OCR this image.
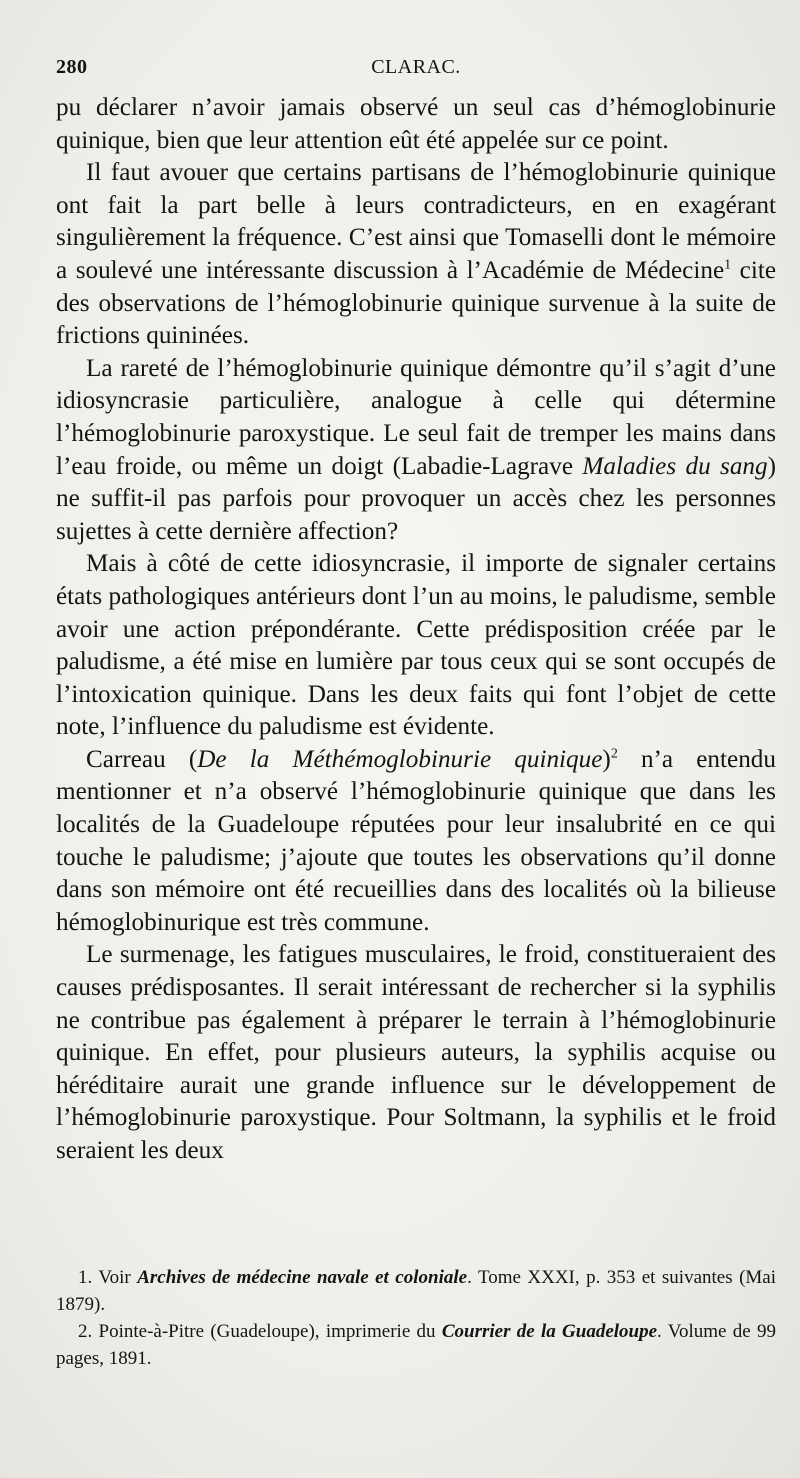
280	CLARAC.

pu déclarer n’avoir jamais observé un seul cas d’hémoglobinurie quinique, bien que leur attention eût été appelée sur ce point.

Il faut avouer que certains partisans de l’hémoglobinurie quinique ont fait la part belle à leurs contradicteurs, en en exagérant singulièrement la fréquence. C’est ainsi que Tomaselli dont le mémoire a soulevé une intéressante discussion à l’Académie de Médecine$^1$ cite des observations de l’hémoglobinurie quinique survenue à la suite de frictions quininées.

La rareté de l’hémoglobinurie quinique démontre qu’il s’agit d’une idiosyncrasie particulière, analogue à celle qui détermine l’hémoglobinurie paroxystique. Le seul fait de tremper les mains dans l’eau froide, ou même un doigt (Labadie-Lagrave Maladies du sang) ne suffit-il pas parfois pour provoquer un accès chez les personnes sujettes à cette dernière affection?

Mais à côté de cette idiosyncrasie, il importe de signaler certains états pathologiques antérieurs dont l’un au moins, le paludisme, semble avoir une action prépondérante. Cette prédisposition créée par le paludisme, a été mise en lumière par tous ceux qui se sont occupés de l’intoxication quinique. Dans les deux faits qui font l’objet de cette note, l’influence du paludisme est évidente.

Carreau (De la Méthémoglobinurie quinique)$^2$ n’a entendu mentionner et n’a observé l’hémoglobinurie quinique que dans les localités de la Guadeloupe réputées pour leur insalubrité en ce qui touche le paludisme; j’ajoute que toutes les observations qu’il donne dans son mémoire ont été recueillies dans des localités où la bilieuse hémoglobinurique est très commune.

Le surmenage, les fatigues musculaires, le froid, constitueraient des causes prédisposantes. Il serait intéressant de rechercher si la syphilis ne contribue pas également à préparer le terrain à l’hémoglobinurie quinique. En effet, pour plusieurs auteurs, la syphilis acquise ou héréditaire aurait une grande influence sur le développement de l’hémoglobinurie paroxystique. Pour Soltmann, la syphilis et le froid seraient les deux

1. Voir Archives de médecine navale et coloniale. Tome XXXI, p. 353 et suivantes (Mai 1879).

2. Pointe-à-Pitre (Guadeloupe), imprimerie du Courrier de la Guadeloupe. Volume de 99 pages, 1891.
